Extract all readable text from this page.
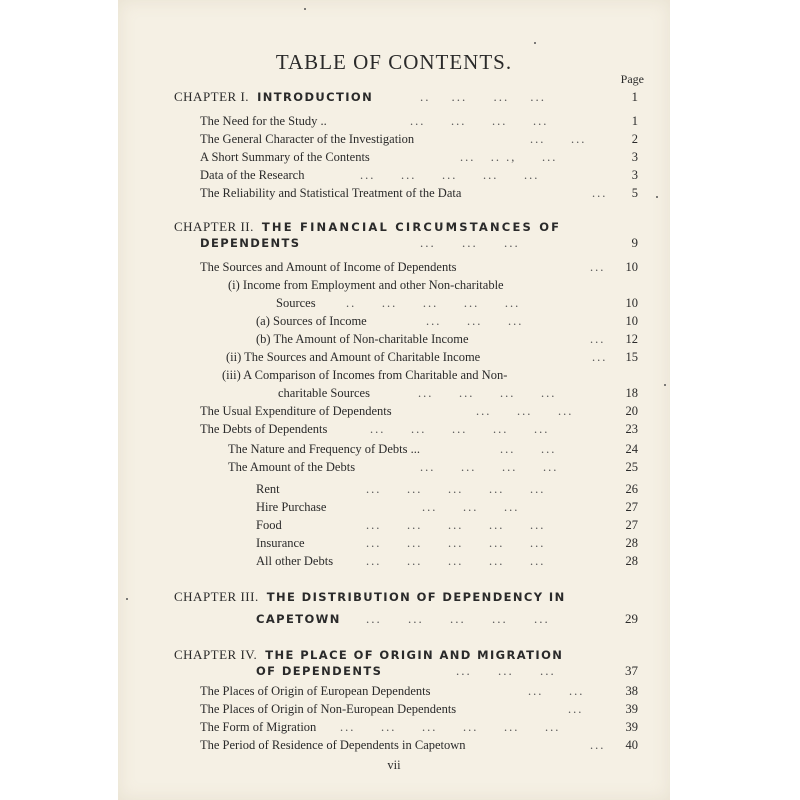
TABLE OF CONTENTS.
Page
CHAPTER I. INTRODUCTION	..    ...     ...    ...	1
The Need for the Study ..	...     ...     ...     ...	1
The General Character of the Investigation	...     ...	2
A Short Summary of the Contents	...   .. .,     ...	3
Data of the Research	...     ...     ...     ...     ...	3
The Reliability and Statistical Treatment of the Data	...	5
CHAPTER II. THE FINANCIAL CIRCUMSTANCES OF
DEPENDENTS	...     ...     ...	9
The Sources and Amount of Income of Dependents	...	10
(i) Income from Employment and other Non-charitable
Sources ..     ...     ...     ...     ...	10
(a) Sources of Income	...     ...     ...	10
(b) The Amount of Non-charitable Income	...	12
(ii) The Sources and Amount of Charitable Income	...	15
(iii) A Comparison of Incomes from Charitable and Non-
charitable Sources	...     ...     ...     ...	18
The Usual Expenditure of Dependents	...     ...     ...	20
The Debts of Dependents	...     ...     ...     ...     ...	23
The Nature and Frequency of Debts ...	...     ...	24
The Amount of the Debts	...     ...     ...     ...	25
Rent	...     ...     ...     ...     ...	26
Hire Purchase	...     ...     ...	27
Food	...     ...     ...     ...     ...	27
Insurance	...     ...     ...     ...     ...	28
All other Debts	...     ...     ...     ...     ...	28
CHAPTER III. THE DISTRIBUTION OF DEPENDENCY IN
CAPETOWN ...     ...     ...     ...     ...	29
CHAPTER IV. THE PLACE OF ORIGIN AND MIGRATION
OF DEPENDENTS	...     ...     ...	37
The Places of Origin of European Dependents	...     ...	38
The Places of Origin of Non-European Dependents	...	39
The Form of Migration ...     ...     ...     ...     ...     ...	39
The Period of Residence of Dependents in Capetown	...	40
vii
